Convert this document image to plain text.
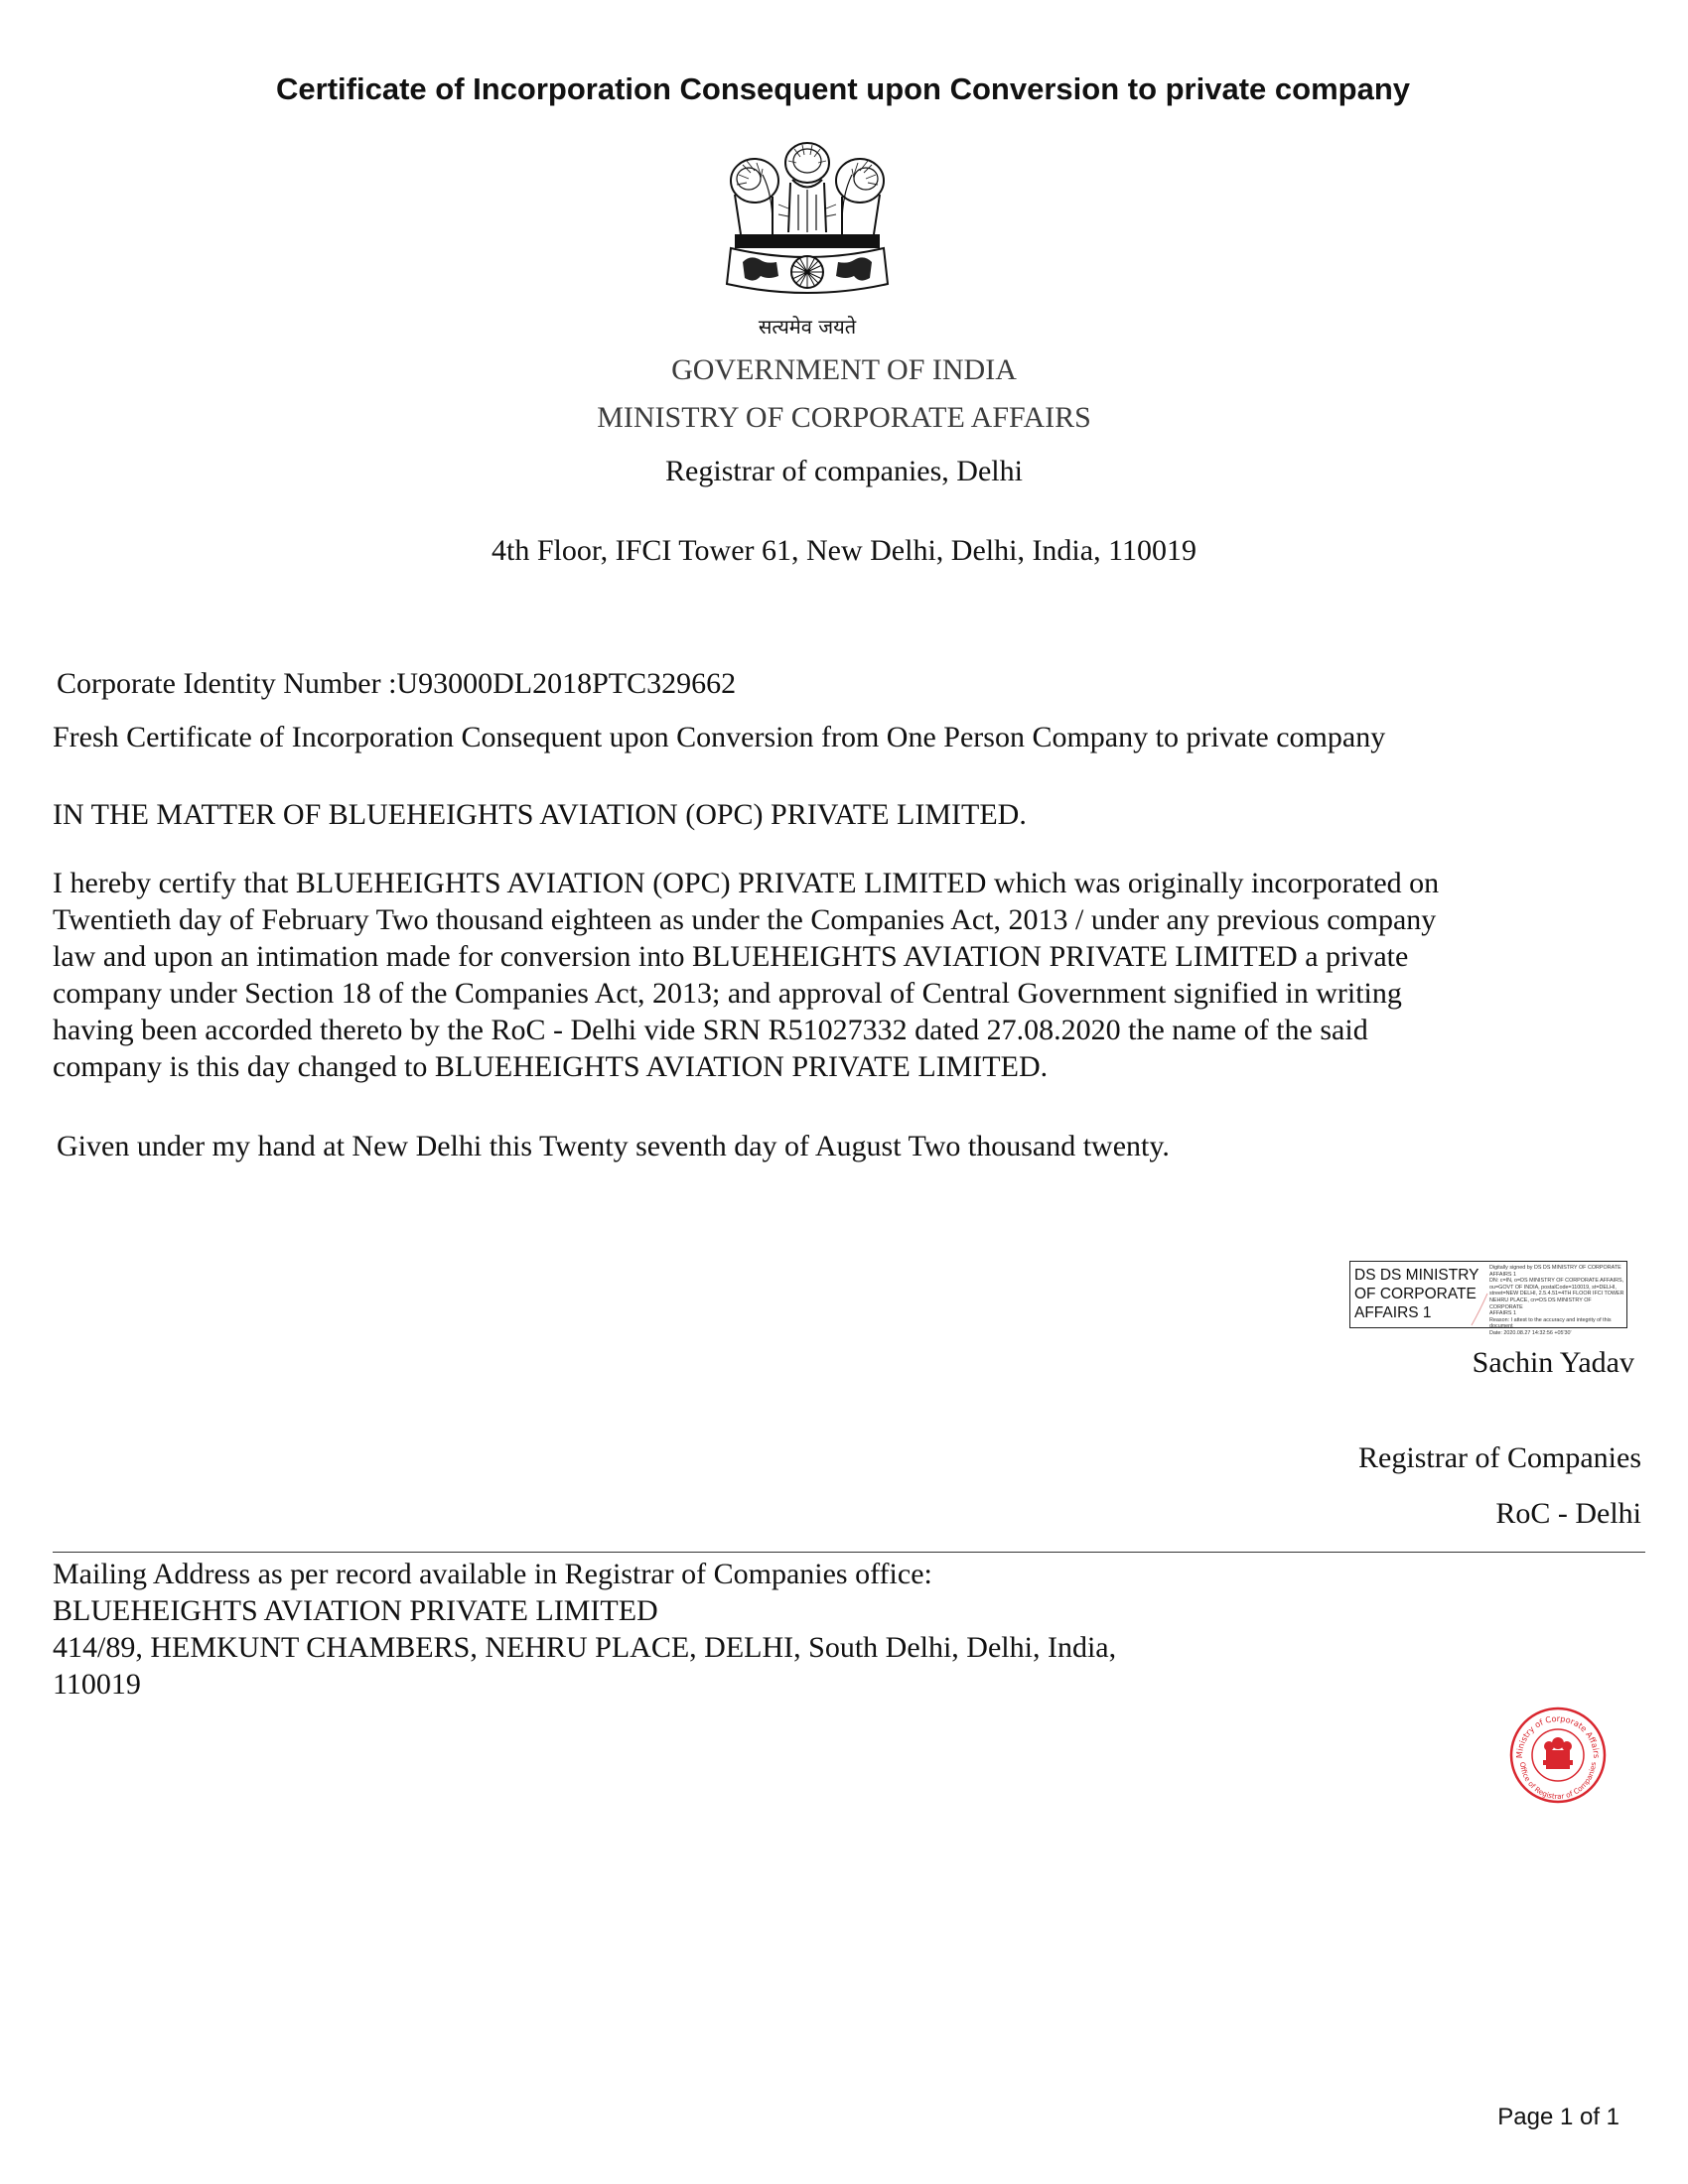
Certificate of Incorporation Consequent upon Conversion to private company
सत्यमेव जयते
GOVERNMENT OF INDIA
MINISTRY OF CORPORATE AFFAIRS
Registrar of companies, Delhi
4th Floor, IFCI Tower 61, New Delhi, Delhi, India, 110019
Corporate Identity Number :U93000DL2018PTC329662
Fresh Certificate of Incorporation Consequent upon Conversion from One Person Company to private company
IN THE MATTER OF BLUEHEIGHTS AVIATION (OPC) PRIVATE LIMITED.
I hereby certify that BLUEHEIGHTS AVIATION (OPC) PRIVATE LIMITED which was originally incorporated on
Twentieth day of February Two thousand eighteen as under the Companies Act, 2013 / under any previous company
law and upon an intimation made for conversion into BLUEHEIGHTS AVIATION PRIVATE LIMITED a private
company under Section 18 of the Companies Act, 2013; and approval of Central Government signified in writing
having been accorded thereto by the RoC - Delhi vide SRN R51027332 dated 27.08.2020 the name of the said
company is this day changed to BLUEHEIGHTS AVIATION PRIVATE LIMITED.
Given under my hand at New Delhi this Twenty seventh day of August Two thousand twenty.
DS DS MINISTRY
OF CORPORATE
AFFAIRS 1
Digitally signed by DS DS MINISTRY OF CORPORATE
AFFAIRS 1
DN: c=IN, o=DS MINISTRY OF CORPORATE AFFAIRS,
ou=GOVT OF INDIA, postalCode=110019, st=DELHI,
street=NEW DELHI, 2.5.4.51=4TH FLOOR IFCI TOWER
NEHRU PLACE, cn=DS DS MINISTRY OF CORPORATE
AFFAIRS 1
Reason: I attest to the accuracy and integrity of this
document
Date: 2020.08.27 14:32:56 +05'30'
Sachin Yadav
Registrar of Companies
RoC - Delhi
Mailing Address as per record available in Registrar of Companies office:
BLUEHEIGHTS AVIATION PRIVATE LIMITED
414/89, HEMKUNT CHAMBERS, NEHRU PLACE, DELHI, South Delhi, Delhi, India,
110019
Ministry of Corporate Affairs
Office of Registrar of Companies
Page 1 of 1
